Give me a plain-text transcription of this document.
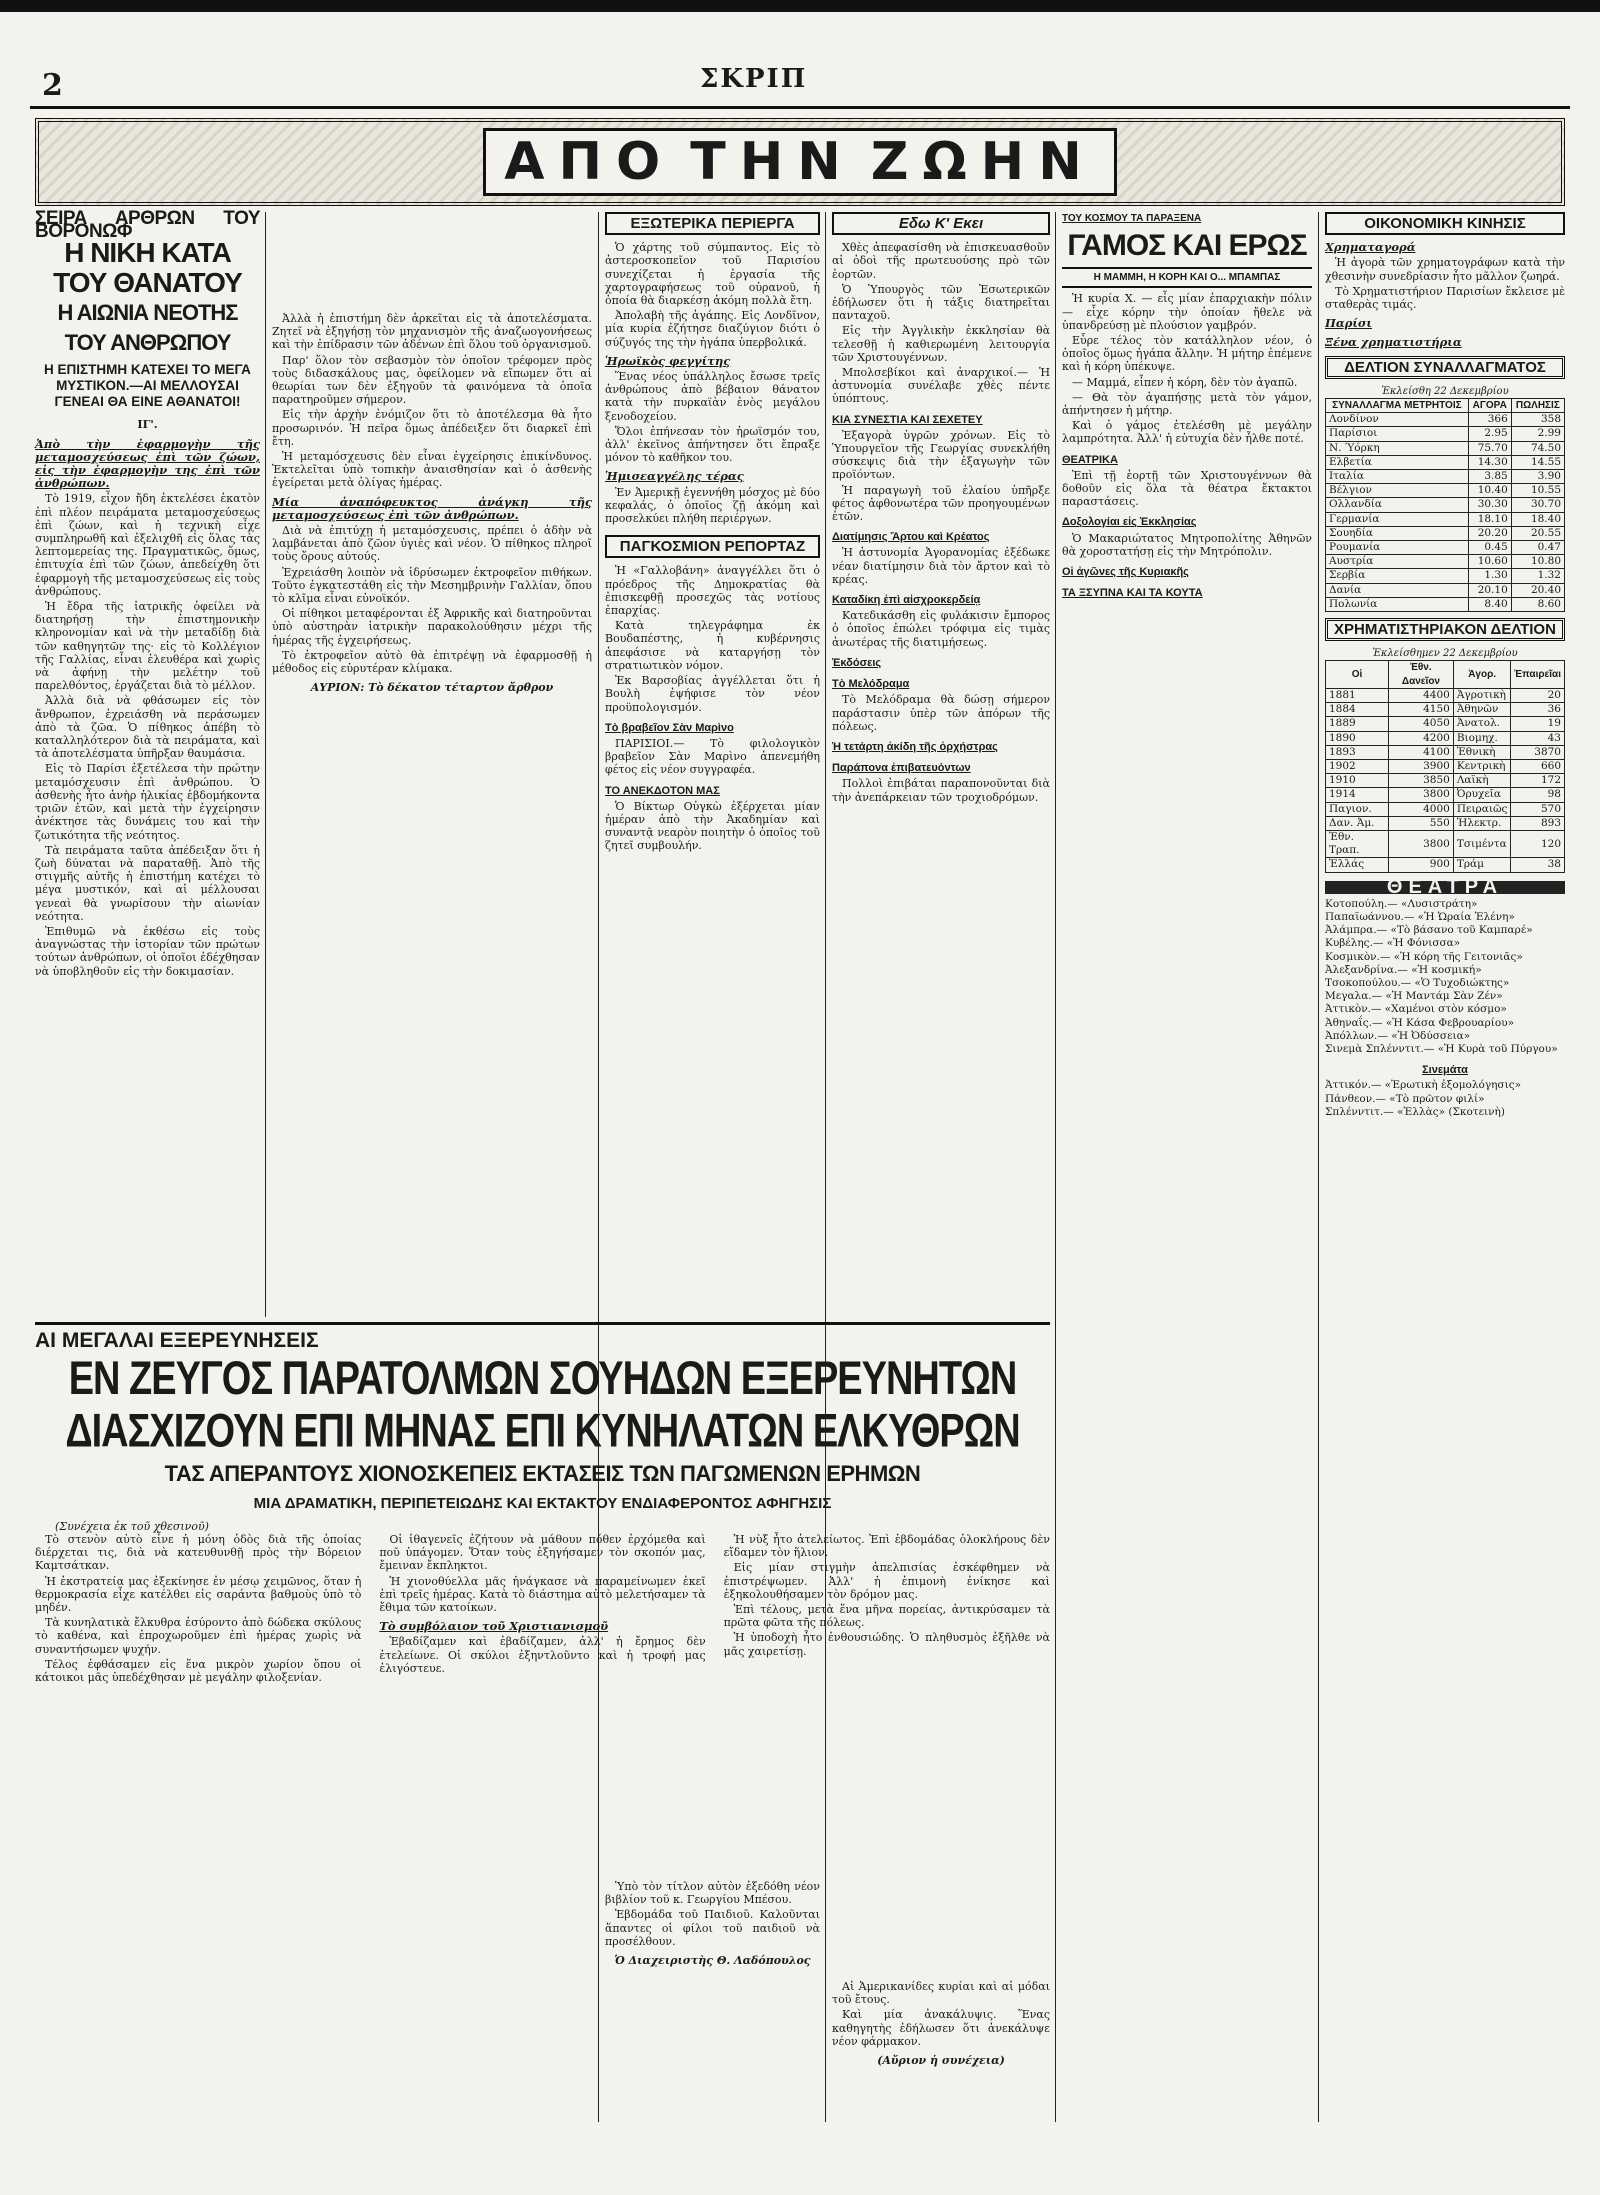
2	ΣΚΡΙΠ
ΑΠΟ ΤΗΝ ΖΩΗΝ
ΣΕΙΡΑ ΑΡΘΡΩΝ ΤΟΥ ΒΟΡΟΝΩΦ
Η ΝΙΚΗ ΚΑΤΑ ΤΟΥ ΘΑΝΑΤΟΥ
Η ΑΙΩΝΙΑ ΝΕΟΤΗΣ ΤΟΥ ΑΝΘΡΩΠΟΥ
Η ΕΠΙΣΤΗΜΗ ΚΑΤΕΧΕΙ ΤΟ ΜΕΓΑ ΜΥΣΤΙΚΟΝ.—ΑΙ ΜΕΛΛΟΥΣΑΙ ΓΕΝΕΑΙ ΘΑ ΕΙΝΕ ΑΘΑΝΑΤΟΙ!
ΙΓ'.
Ἀπὸ τὴν ἐφαρμογὴν τῆς μεταμοσχεύσεως ἐπὶ τῶν ζώων, εἰς τὴν ἐφαρμογὴν της ἐπὶ τῶν ἀνθρώπων.

Τὸ 1919, εἶχον ἤδη ἐκτελέσει ἑκατὸν ἐπὶ πλέον πειράματα μεταμοσχεύσεως ἐπὶ ζώων, καὶ ἡ τεχνικὴ εἶχε συμπληρωθῆ καὶ ἐξελιχθῆ εἰς ὅλας τὰς λεπτομερείας της. Πραγματικῶς, ὅμως, ἐπιτυχία ἐπὶ τῶν ζώων, ἀπεδείχθη ὅτι ἐφαρμογὴ τῆς μεταμοσχεύσεως εἰς τοὺς ἀνθρώπους.

Ἡ ἔδρα τῆς ἰατρικῆς ὀφείλει νὰ διατηρήσῃ τὴν ἐπιστημονικὴν κληρονομίαν καὶ νὰ τὴν μεταδίδῃ διὰ τῶν καθηγητῶν της· εἰς τὸ Κολλέγιον τῆς Γαλλίας, εἶναι ἐλευθέρα καὶ χωρὶς νὰ ἀφήνῃ τὴν μελέτην τοῦ παρελθόντος, ἐργάζεται διὰ τὸ μέλλον.

Ἀλλὰ διὰ νὰ φθάσωμεν εἰς τὸν ἄνθρωπον, ἐχρειάσθη νὰ περάσωμεν ἀπὸ τὰ ζῶα. Ὁ πίθηκος ἀπέβη τὸ καταλληλότερον διὰ τὰ πειράματα, καὶ τὰ ἀποτελέσματα ὑπῆρξαν θαυμάσια.

Εἰς τὸ Παρίσι ἐξετέλεσα τὴν πρώτην μεταμόσχευσιν ἐπὶ ἀνθρώπου. Ὁ ἀσθενὴς ἦτο ἀνὴρ ἡλικίας ἑβδομήκοντα τριῶν ἐτῶν, καὶ μετὰ τὴν ἐγχείρησιν ἀνέκτησε τὰς δυνάμεις του καὶ τὴν ζωτικότητα τῆς νεότητος.

Τὰ πειράματα ταῦτα ἀπέδειξαν ὅτι ἡ ζωὴ δύναται νὰ παραταθῇ. Ἀπὸ τῆς στιγμῆς αὐτῆς ἡ ἐπιστήμη κατέχει τὸ μέγα μυστικόν, καὶ αἱ μέλλουσαι γενεαὶ θὰ γνωρίσουν τὴν αἰωνίαν νεότητα.

Ἐπιθυμῶ νὰ ἐκθέσω εἰς τοὺς ἀναγνώστας τὴν ἱστορίαν τῶν πρώτων τούτων ἀνθρώπων, οἱ ὁποῖοι ἐδέχθησαν νὰ ὑποβληθοῦν εἰς τὴν δοκιμασίαν.

Ἀλλὰ ἡ ἐπιστήμη δὲν ἀρκεῖται εἰς τὰ ἀποτελέσματα. Ζητεῖ νὰ ἐξηγήσῃ τὸν μηχανισμὸν τῆς ἀναζωογονήσεως καὶ τὴν ἐπίδρασιν τῶν ἀδένων ἐπὶ ὅλου τοῦ ὀργανισμοῦ.

Παρ' ὅλον τὸν σεβασμὸν τὸν ὁποῖον τρέφομεν πρὸς τοὺς διδασκάλους μας, ὀφείλομεν νὰ εἴπωμεν ὅτι αἱ θεωρίαι των δὲν ἐξηγοῦν τὰ φαινόμενα τὰ ὁποῖα παρατηροῦμεν σήμερον.

Εἰς τὴν ἀρχὴν ἐνόμιζον ὅτι τὸ ἀποτέλεσμα θὰ ἦτο προσωρινόν. Ἡ πεῖρα ὅμως ἀπέδειξεν ὅτι διαρκεῖ ἐπὶ ἔτη.

Ἡ μεταμόσχευσις δὲν εἶναι ἐγχείρησις ἐπικίνδυνος. Ἐκτελεῖται ὑπὸ τοπικὴν ἀναισθησίαν καὶ ὁ ἀσθενὴς ἐγείρεται μετὰ ὀλίγας ἡμέρας.

Μία ἀναπόφευκτος ἀνάγκη τῆς μεταμοσχεύσεως ἐπὶ τῶν ἀνθρώπων.

Διὰ νὰ ἐπιτύχῃ ἡ μεταμόσχευσις, πρέπει ὁ ἀδὴν νὰ λαμβάνεται ἀπὸ ζῶον ὑγιὲς καὶ νέον. Ὁ πίθηκος πληροῖ τοὺς ὅρους αὐτούς.

Ἐχρειάσθη λοιπὸν νὰ ἱδρύσωμεν ἐκτροφεῖον πιθήκων. Τοῦτο ἐγκατεστάθη εἰς τὴν Μεσημβρινὴν Γαλλίαν, ὅπου τὸ κλῖμα εἶναι εὐνοϊκόν.

Οἱ πίθηκοι μεταφέρονται ἐξ Ἀφρικῆς καὶ διατηροῦνται ὑπὸ αὐστηρὰν ἰατρικὴν παρακολούθησιν μέχρι τῆς ἡμέρας τῆς ἐγχειρήσεως.

Τὸ ἐκτροφεῖον αὐτὸ θὰ ἐπιτρέψῃ νὰ ἐφαρμοσθῇ ἡ μέθοδος εἰς εὐρυτέραν κλίμακα.

ΑΥΡΙΟΝ: Τὸ δέκατον τέταρτον ἄρθρον
ΕΞΩΤΕΡΙΚΑ ΠΕΡΙΕΡΓΑ

Ὁ χάρτης τοῦ σύμπαντος. Εἰς τὸ ἀστεροσκοπεῖον τοῦ Παρισίου συνεχίζεται ἡ ἐργασία τῆς χαρτογραφήσεως τοῦ οὐρανοῦ, ἡ ὁποία θὰ διαρκέσῃ ἀκόμη πολλὰ ἔτη.

Ἀπολαβὴ τῆς ἀγάπης. Εἰς Λονδῖνον, μία κυρία ἐζήτησε διαζύγιον διότι ὁ σύζυγός της τὴν ἠγάπα ὑπερβολικά.

Ἡρωϊκὸς φεγγίτης

Ἕνας νέος ὑπάλληλος ἔσωσε τρεῖς ἀνθρώπους ἀπὸ βέβαιον θάνατον κατὰ τὴν πυρκαϊὰν ἐνὸς μεγάλου ξενοδοχείου.

Ὅλοι ἐπήνεσαν τὸν ἡρωϊσμόν του, ἀλλ' ἐκεῖνος ἀπήντησεν ὅτι ἔπραξε μόνον τὸ καθῆκον του.

Ἡμισεαγγέλης τέρας

Ἐν Ἀμερικῇ ἐγεννήθη μόσχος μὲ δύο κεφαλάς, ὁ ὁποῖος ζῇ ἀκόμη καὶ προσελκύει πλήθη περιέργων.

ΠΑΓΚΟΣΜΙΟΝ ΡΕΠΟΡΤΑΖ

Ἡ «Γαλλοβάνη» ἀναγγέλλει ὅτι ὁ πρόεδρος τῆς Δημοκρατίας θὰ ἐπισκεφθῇ προσεχῶς τὰς νοτίους ἐπαρχίας.

Κατὰ τηλεγράφημα ἐκ Βουδαπέστης, ἡ κυβέρνησις ἀπεφάσισε νὰ καταργήσῃ τὸν στρατιωτικὸν νόμον.

Ἐκ Βαρσοβίας ἀγγέλλεται ὅτι ἡ Βουλὴ ἐψήφισε τὸν νέον προϋπολογισμόν.

Τὸ βραβεῖον Σὰν Μαρὶνο

ΠΑΡΙΣΙΟΙ.— Τὸ φιλολογικὸν βραβεῖον Σὰν Μαρὶνο ἀπενεμήθη φέτος εἰς νέον συγγραφέα.

ΤΟ ΑΝΕΚΔΟΤΟΝ ΜΑΣ

Ὁ Βίκτωρ Οὐγκὼ ἐξέρχεται μίαν ἡμέραν ἀπὸ τὴν Ἀκαδημίαν καὶ συναντᾷ νεαρὸν ποιητὴν ὁ ὁποῖος τοῦ ζητεῖ συμβουλήν.

Εδω Κ' Εκει

Χθὲς ἀπεφασίσθη νὰ ἐπισκευασθοῦν αἱ ὁδοὶ τῆς πρωτευούσης πρὸ τῶν ἑορτῶν.

Ὁ Ὑπουργὸς τῶν Ἐσωτερικῶν ἐδήλωσεν ὅτι ἡ τάξις διατηρεῖται πανταχοῦ.

Εἰς τὴν Ἀγγλικὴν ἐκκλησίαν θὰ τελεσθῇ ἡ καθιερωμένη λειτουργία τῶν Χριστουγέννων.

Μπολσεβίκοι καὶ ἀναρχικοί.— Ἡ ἀστυνομία συνέλαβε χθὲς πέντε ὑπόπτους.

ΚΙΑ ΣΥΝΕΣΤΙΑ ΚΑΙ ΣΕΧΕΤΕΥ

Ἐξαγορὰ ὑγρῶν χρόνων. Εἰς τὸ Ὑπουργεῖον τῆς Γεωργίας συνεκλήθη σύσκεψις διὰ τὴν ἐξαγωγὴν τῶν προϊόντων.

Ἡ παραγωγὴ τοῦ ἐλαίου ὑπῆρξε φέτος ἀφθονωτέρα τῶν προηγουμένων ἐτῶν.

Διατίμησις Ἄρτου καὶ Κρέατος

Ἡ ἀστυνομία Ἀγορανομίας ἐξέδωκε νέαν διατίμησιν διὰ τὸν ἄρτον καὶ τὸ κρέας.

Καταδίκη ἐπὶ αἰσχροκερδείᾳ

Κατεδικάσθη εἰς φυλάκισιν ἔμπορος ὁ ὁποῖος ἐπώλει τρόφιμα εἰς τιμὰς ἀνωτέρας τῆς διατιμήσεως.

Ἐκδόσεις
Τὸ Μελόδραμα

Τὸ Μελόδραμα θὰ δώσῃ σήμερον παράστασιν ὑπὲρ τῶν ἀπόρων τῆς πόλεως.

Ἡ τετάρτη ἀκίδη τῆς ὀρχήστρας
Παράπονα ἐπιβατευόντων

Πολλοὶ ἐπιβάται παραπονοῦνται διὰ τὴν ἀνεπάρκειαν τῶν τροχιοδρόμων.

ΤΟΥ ΚΟΣΜΟΥ ΤΑ ΠΑΡΑΞΕΝΑ
ΓΑΜΟΣ ΚΑΙ ΕΡΩΣ
Η ΜΑΜΜΗ, Η ΚΟΡΗ ΚΑΙ Ο... ΜΠΑΜΠΑΣ

Ἡ κυρία Χ. — εἶς μίαν ἐπαρχιακὴν πόλιν — εἶχε κόρην τὴν ὁποίαν ἤθελε νὰ ὑπανδρεύσῃ μὲ πλούσιον γαμβρόν.

Εὗρε τέλος τὸν κατάλληλον νέον, ὁ ὁποῖος ὅμως ἠγάπα ἄλλην. Ἡ μήτηρ ἐπέμενε καὶ ἡ κόρη ὑπέκυψε.

— Μαμμά, εἶπεν ἡ κόρη, δὲν τὸν ἀγαπῶ.

— Θὰ τὸν ἀγαπήσῃς μετὰ τὸν γάμον, ἀπήντησεν ἡ μήτηρ.

Καὶ ὁ γάμος ἐτελέσθη μὲ μεγάλην λαμπρότητα. Ἀλλ' ἡ εὐτυχία δὲν ἦλθε ποτέ.

ΘΕΑΤΡΙΚΑ

Ἐπὶ τῇ ἑορτῇ τῶν Χριστουγέννων θὰ δοθοῦν εἰς ὅλα τὰ θέατρα ἔκτακτοι παραστάσεις.

Δοξολογίαι εἰς Ἐκκλησίας

Ὁ Μακαριώτατος Μητροπολίτης Ἀθηνῶν θὰ χοροστατήσῃ εἰς τὴν Μητρόπολιν.

Οἱ ἀγῶνες τῆς Κυριακῆς
ΤΑ ΞΣΥΠΝΑ ΚΑΙ ΤΑ ΚΟΥΤΑ
ΟΙΚΟΝΟΜΙΚΗ ΚΙΝΗΣΙΣ
Χρηματαγορά

Ἡ ἀγορὰ τῶν χρηματογράφων κατὰ τὴν χθεσινὴν συνεδρίασιν ἦτο μᾶλλον ζωηρά.

Τὸ Χρηματιστήριον Παρισίων ἔκλεισε μὲ σταθερὰς τιμάς.

Παρίσι
Ξένα χρηματιστήρια
ΔΕΛΤΙΟΝ ΣΥΝΑΛΛΑΓΜΑΤΟΣ
Ἐκλείσθη 22 Δεκεμβρίου
ΣΥΝΑΛΛΑΓΜΑ ΜΕΤΡΗΤΟΙΣ	ΑΓΟΡΑ	ΠΩΛΗΣΙΣ
Λονδίνον	366	358
Παρίσιοι	2.95	2.99
Ν. Ύόρκη	75.70	74.50
Ελβετία	14.30	14.55
Ιταλία	3.85	3.90
Βέλγιον	10.40	10.55
Ολλανδία	30.30	30.70
Γερμανία	18.10	18.40
Σουηδία	20.20	20.55
Ρουμανία	0.45	0.47
Αυστρία	10.60	10.80
Σερβία	1.30	1.32
Δανία	20.10	20.40
Πολωνία	8.40	8.60
ΧΡΗΜΑΤΙΣΤΗΡΙΑΚΟΝ ΔΕΛΤΙΟΝ
Ἐκλείσθημεν 22 Δεκεμβρίου
Οἱ	Ἐθν. Δανεῖον	Ἀγορ.	Ἐπαιρεῖαι
1881	4400	Ἀγροτικὴ	20
1884	4150	Ἀθηνῶν	36
1889	4050	Ἀνατολ.	19
1890	4200	Βιομηχ.	43
1893	4100	Ἐθνικὴ	3870
1902	3900	Κεντρικὴ	660
1910	3850	Λαϊκὴ	172
1914	3800	Ὀρυχεῖα	98
Παγιον.	4000	Πειραιῶς	570
Δαν. Ἀμ.	550	Ἠλεκτρ.	893
Ἐθν. Τραπ.	3800	Τσιμέντα	120
Ἑλλάς	900	Τράμ	38
ΘΕΑΤΡΑ
Κοτοπούλη.— «Λυσιστράτη»
Παπαϊωάννου.— «Ἡ Ὡραία Ἑλένη»
Ἀλάμπρα.— «Τὸ βάσανο τοῦ Καμπαρέ»
Κυβέλης.— «Ἡ Φόνισσα»
Κοσμικὸν.— «Ἡ κόρη τῆς Γειτονιᾶς»
Ἀλεξανδρίνα.— «Ἡ κοσμική»
Τσοκοπούλου.— «Ὁ Τυχοδιώκτης»
Μεγαλα.— «Ἡ Μαντάμ Σὰν Ζέν»
Ἀττικὸν.— «Χαμένοι στὸν κόσμο»
Ἀθηναΐς.— «Ἡ Κάσα Φεβρουαρίου»
Ἀπόλλων.— «Ἡ Ὀδύσσεια»
Σινεμὰ Σπλένντιτ.— «Ἡ Κυρὰ τοῦ Πύργου»
Σινεμάτα
Ἀττικόν.— «Ἐρωτικὴ ἐξομολόγησις»
Πάνθεον.— «Τὸ πρῶτον φιλί»
Σπλένντιτ.— «Ἑλλὰς» (Σκοτεινὴ)
ΑΙ ΜΕΓΑΛΑΙ ΕΞΕΡΕΥΝΗΣΕΙΣ
ΕΝ ΖΕΥΓΟΣ ΠΑΡΑΤΟΛΜΩΝ ΣΟΥΗΔΩΝ ΕΞΕΡΕΥΝΗΤΩΝ ΔΙΑΣΧΙΖΟΥΝ ΕΠΙ ΜΗΝΑΣ ΕΠΙ ΚΥΝΗΛΑΤΩΝ ΕΛΚΥΘΡΩΝ
ΤΑΣ ΑΠΕΡΑΝΤΟΥΣ ΧΙΟΝΟΣΚΕΠΕΙΣ ΕΚΤΑΣΕΙΣ ΤΩΝ ΠΑΓΩΜΕΝΩΝ ΕΡΗΜΩΝ
ΜΙΑ ΔΡΑΜΑΤΙΚΗ, ΠΕΡΙΠΕΤΕΙΩΔΗΣ ΚΑΙ ΕΚΤΑΚΤΟΥ ΕΝΔΙΑΦΕΡΟΝΤΟΣ ΑΦΗΓΗΣΙΣ
(Συνέχεια ἐκ τοῦ χθεσινοῦ)

Τὸ στενὸν αὐτὸ εἶνε ἡ μόνη ὁδὸς διὰ τῆς ὁποίας διέρχεται τις, διὰ νὰ κατευθυνθῇ πρὸς τὴν Βόρειον Καμτσάτκαν.

Ἡ ἐκστρατεία μας ἐξεκίνησε ἐν μέσῳ χειμῶνος, ὅταν ἡ θερμοκρασία εἶχε κατέλθει εἰς σαράντα βαθμοὺς ὑπὸ τὸ μηδέν.

Τὰ κυνηλατικὰ ἔλκυθρα ἐσύροντο ἀπὸ δώδεκα σκύλους τὸ καθένα, καὶ ἐπροχωροῦμεν ἐπὶ ἡμέρας χωρὶς νὰ συναντήσωμεν ψυχήν.

Τέλος ἐφθάσαμεν εἰς ἕνα μικρὸν χωρίον ὅπου οἱ κάτοικοι μᾶς ὑπεδέχθησαν μὲ μεγάλην φιλοξενίαν.

Οἱ ἰθαγενεῖς ἐζήτουν νὰ μάθουν πόθεν ἐρχόμεθα καὶ ποῦ ὑπάγομεν. Ὅταν τοὺς ἐξηγήσαμεν τὸν σκοπόν μας, ἔμειναν ἔκπληκτοι.

Ἡ χιονοθύελλα μᾶς ἠνάγκασε νὰ παραμείνωμεν ἐκεῖ ἐπὶ τρεῖς ἡμέρας. Κατὰ τὸ διάστημα αὐτὸ μελετήσαμεν τὰ ἔθιμα τῶν κατοίκων.

Τὸ συμβόλαιον τοῦ Χριστιανισμοῦ

Ἐβαδίζαμεν καὶ ἐβαδίζαμεν, ἀλλ' ἡ ἔρημος δὲν ἐτελείωνε. Οἱ σκύλοι ἐξηντλοῦντο καὶ ἡ τροφή μας ἐλιγόστευε.

Ἡ νὺξ ἦτο ἀτελείωτος. Ἐπὶ ἑβδομάδας ὁλοκλήρους δὲν εἴδαμεν τὸν ἥλιον.

Εἰς μίαν στιγμὴν ἀπελπισίας ἐσκέφθημεν νὰ ἐπιστρέψωμεν. Ἀλλ' ἡ ἐπιμονὴ ἐνίκησε καὶ ἐξηκολουθήσαμεν τὸν δρόμον μας.

Ἐπὶ τέλους, μετὰ ἕνα μῆνα πορείας, ἀντικρύσαμεν τὰ πρῶτα φῶτα τῆς πόλεως.

Ἡ ὑποδοχὴ ἦτο ἐνθουσιώδης. Ὁ πληθυσμὸς ἐξῆλθε νὰ μᾶς χαιρετίσῃ.

Ὑπὸ τὸν τίτλον αὐτὸν ἐξεδόθη νέον βιβλίον τοῦ κ. Γεωργίου Μπέσου.

Ἑβδομάδα τοῦ Παιδιοῦ. Καλοῦνται ἅπαντες οἱ φίλοι τοῦ παιδιοῦ νὰ προσέλθουν.

Ὁ Διαχειριστὴς Θ. Λαδόπουλος

Αἱ Ἀμερικανίδες κυρίαι καὶ αἱ μόδαι τοῦ ἔτους.

Καὶ μία ἀνακάλυψις. Ἕνας καθηγητὴς ἐδήλωσεν ὅτι ἀνεκάλυψε νέον φάρμακον.

(Αὔριον ἡ συνέχεια)
